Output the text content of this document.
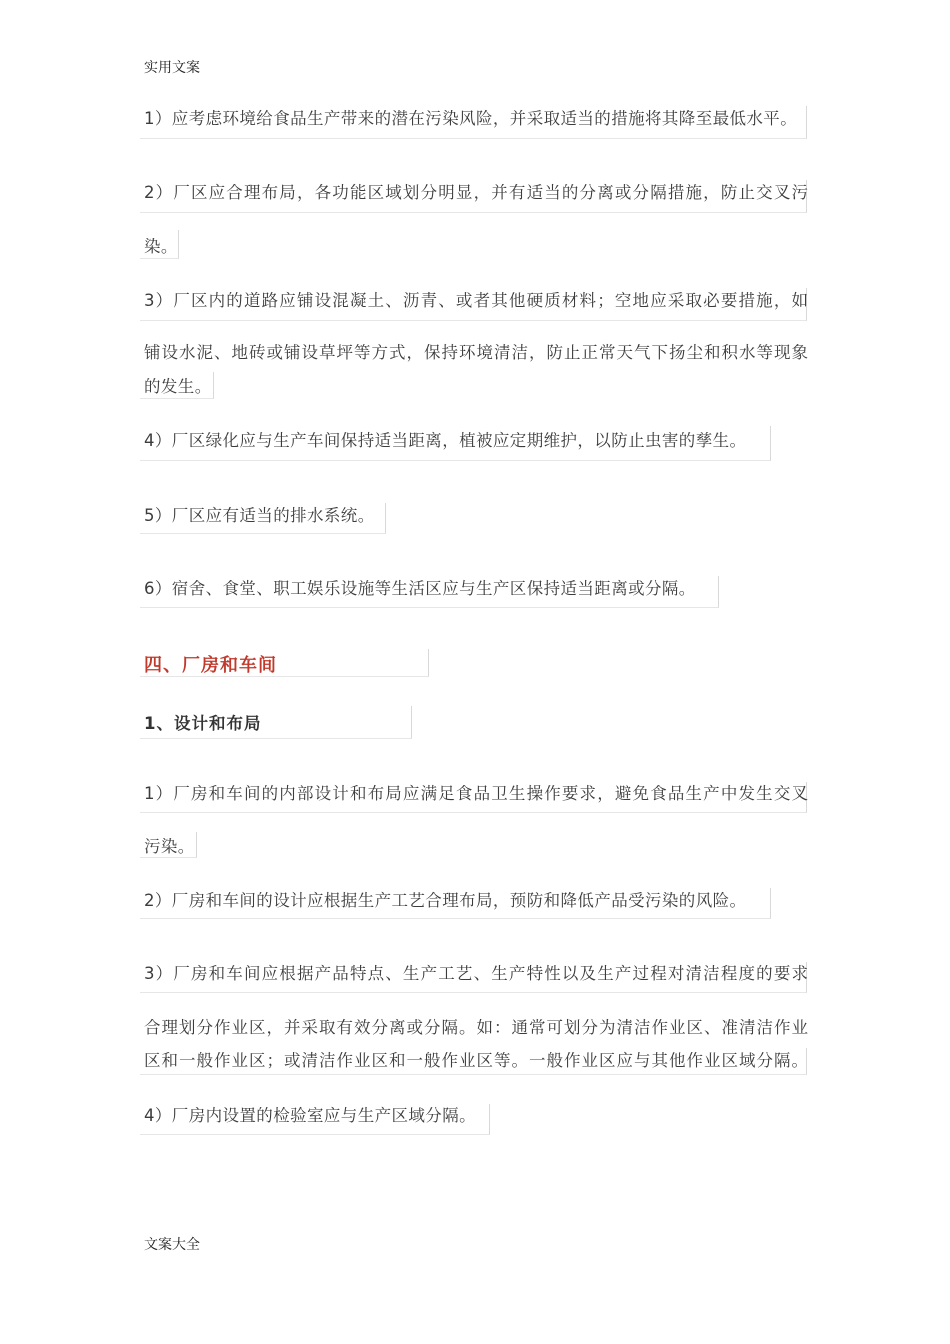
实用文案
1）应考虑环境给食品生产带来的潜在污染风险，并采取适当的措施将其降至最低水平。
2）厂区应合理布局，各功能区域划分明显，并有适当的分离或分隔措施，防止交叉污
染。
3）厂区内的道路应铺设混凝土、沥青、或者其他硬质材料；空地应采取必要措施，如
铺设水泥、地砖或铺设草坪等方式，保持环境清洁，防止正常天气下扬尘和积水等现象
的发生。
4）厂区绿化应与生产车间保持适当距离，植被应定期维护，以防止虫害的孳生。
5）厂区应有适当的排水系统。
6）宿舍、食堂、职工娱乐设施等生活区应与生产区保持适当距离或分隔。
四、厂房和车间
1、设计和布局
1）厂房和车间的内部设计和布局应满足食品卫生操作要求，避免食品生产中发生交叉
污染。
2）厂房和车间的设计应根据生产工艺合理布局，预防和降低产品受污染的风险。
3）厂房和车间应根据产品特点、生产工艺、生产特性以及生产过程对清洁程度的要求
合理划分作业区，并采取有效分离或分隔。如：通常可划分为清洁作业区、准清洁作业
区和一般作业区；或清洁作业区和一般作业区等。一般作业区应与其他作业区域分隔。
4）厂房内设置的检验室应与生产区域分隔。
文案大全
